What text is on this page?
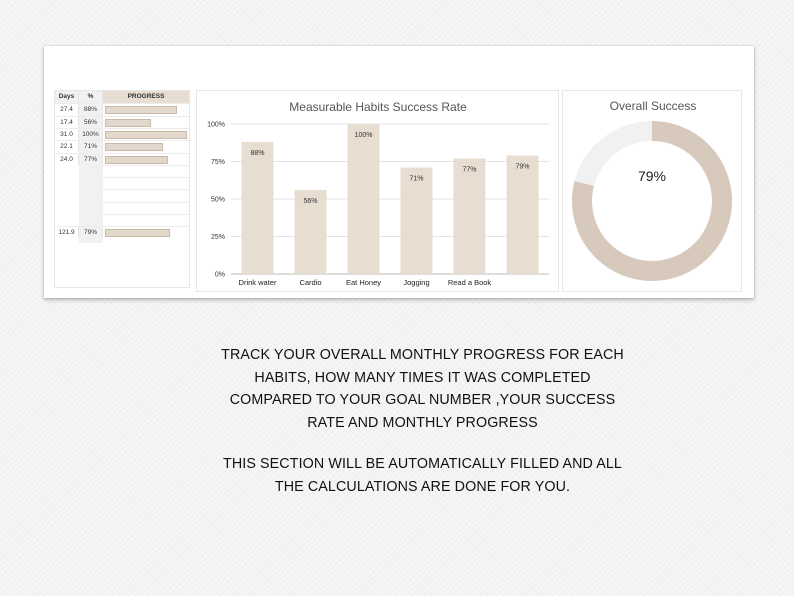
Days	%	PROGRESS
27.4	88%
17.4	56%
31.0	100%
22.1	71%
24.0	77%
121.9	79%
Measurable Habits Success Rate
0%
25%
50%
75%
100%
88%
Drink water
56%
Cardio
100%
Eat Honey
71%
Jogging
77%
Read a Book
79%
Overall Success
79%
TRACK YOUR OVERALL MONTHLY PROGRESS FOR EACH
HABITS, HOW MANY TIMES IT WAS COMPLETED
COMPARED TO YOUR GOAL NUMBER ,YOUR SUCCESS
RATE AND MONTHLY PROGRESS
THIS SECTION WILL BE AUTOMATICALLY FILLED AND ALL
THE CALCULATIONS ARE DONE FOR YOU.
